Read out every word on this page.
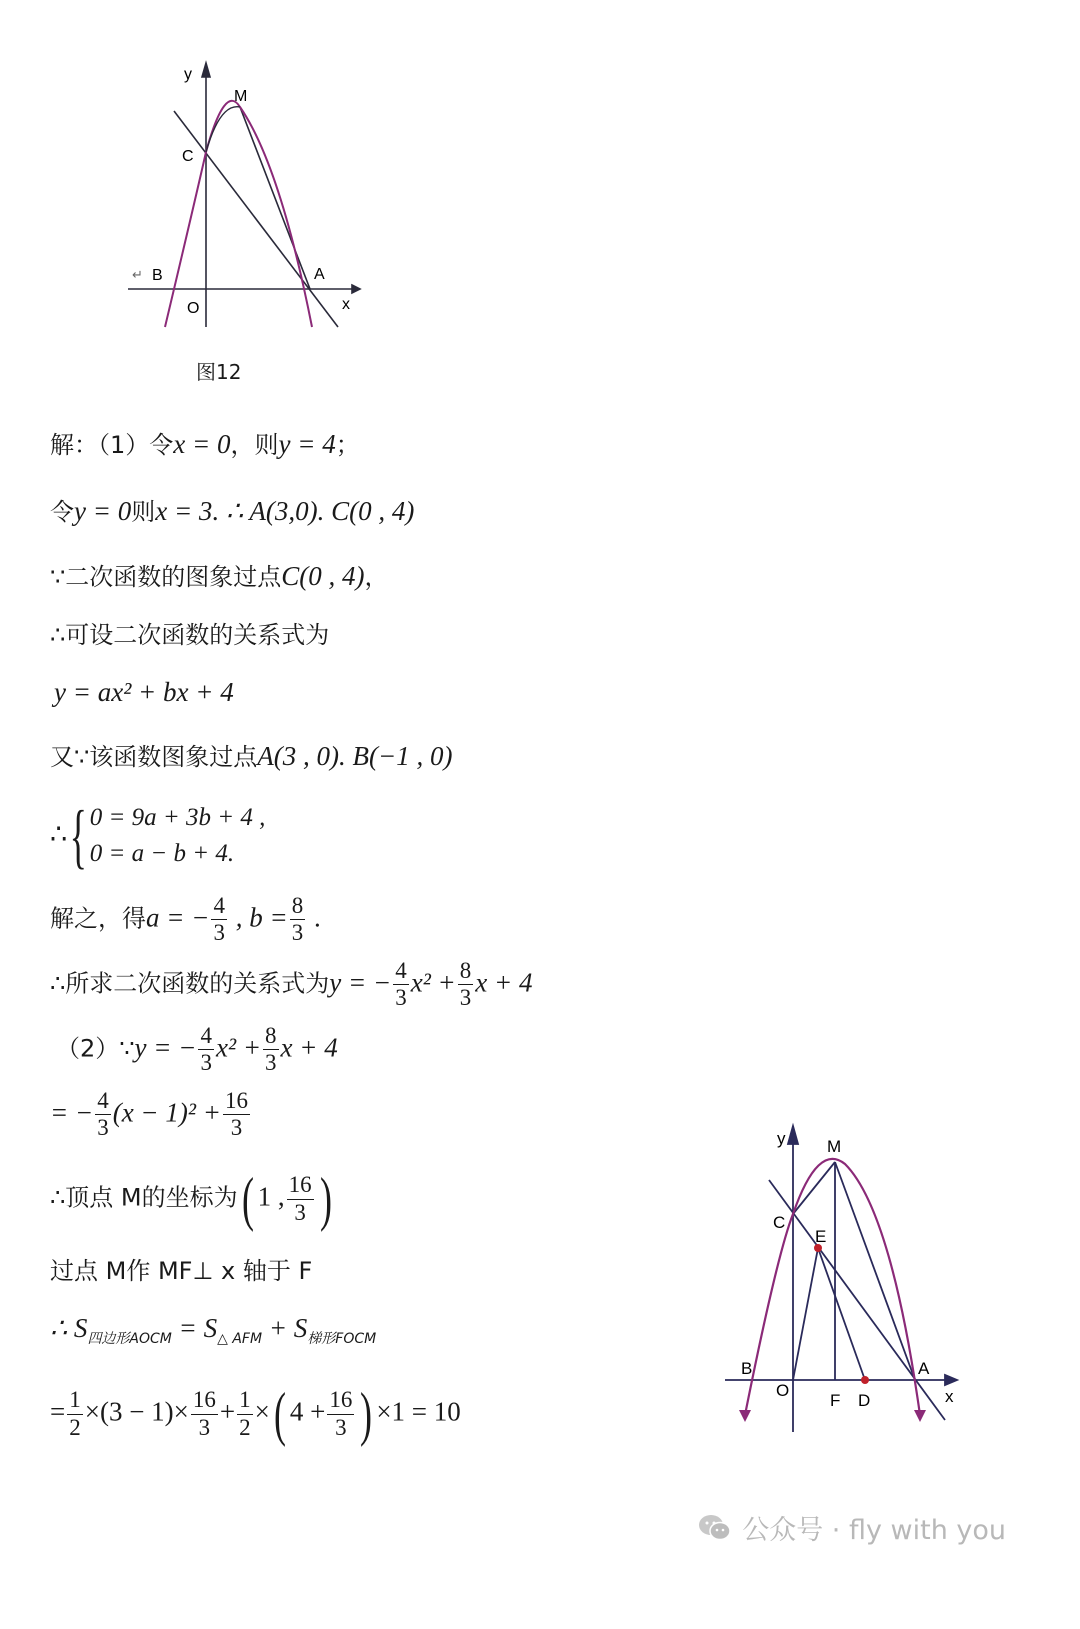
y
M
C
B
O
A
x
↵
图12
解：（1）令x = 0，则y = 4；
令y = 0则x = 3. ∴ A(3,0). C(0 , 4)
∵二次函数的图象过点C(0 , 4)，
∴可设二次函数的关系式为
y = ax² + bx + 4
又∵该函数图象过点A(3 , 0). B(−1 , 0)
∴{ 0 = 9a + 3b + 4 ,
0 = a − b + 4.
解之，得a = − $\frac{4}{3}$ , $b = \frac{8}{3}$ .
∴所求二次函数的关系式为y = − $\frac{4}{3} x^2 + \frac{8}{3}$ x + 4
（2）∵y = − $\frac{4}{3} x^2 + \frac{8}{3}$ x + 4
= − $\frac{4}{3} (x - 1)^2 + \frac{16}{3}$
∴顶点 M的坐标为( 1 , $\frac{16}{3}$ )
过点 M作 MF⊥ x 轴于 F
∴ $S_{四边形AOCM} = S_{\triangle AFM} + S_{梯形FOCM}$
= $\frac{1}{2} \times(3 - 1)\times \frac{16}{3} + \frac{1}{2}$ ×( $4 + \frac{16}{3}$ ) ×1 = 10
y M
C
E
B
O
F D
A
x
公众号 · fly with you
